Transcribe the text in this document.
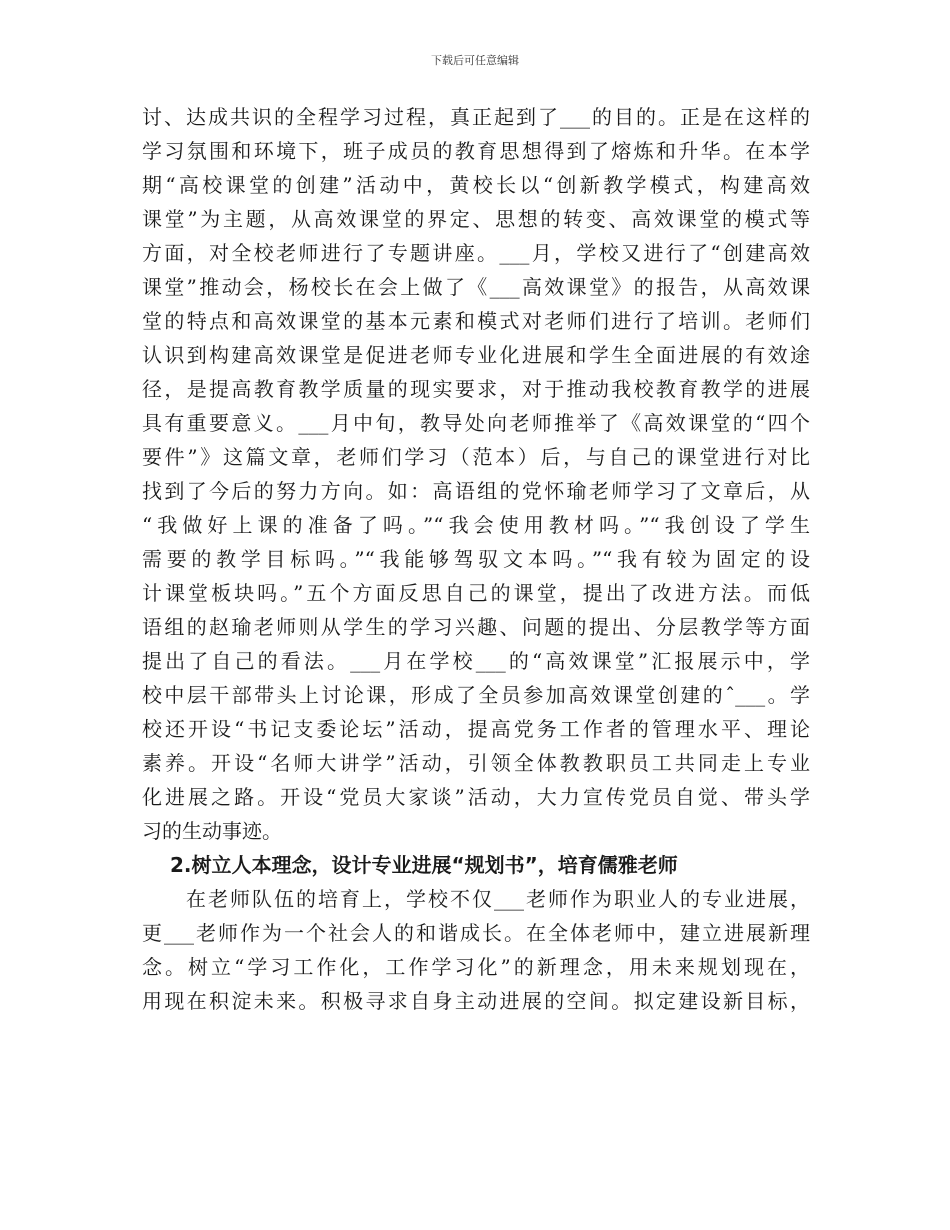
下载后可任意编辑
讨、达成共识的全程学习过程，真正起到了___的目的。正是在这样的
学习氛围和环境下，班子成员的教育思想得到了熔炼和升华。在本学
期“高校课堂的创建”活动中，黄校长以“创新教学模式，构建高效
课堂”为主题，从高效课堂的界定、思想的转变、高效课堂的模式等
方面，对全校老师进行了专题讲座。___月，学校又进行了“创建高效
课堂”推动会，杨校长在会上做了《___高效课堂》的报告，从高效课
堂的特点和高效课堂的基本元素和模式对老师们进行了培训。老师们
认识到构建高效课堂是促进老师专业化进展和学生全面进展的有效途
径，是提高教育教学质量的现实要求，对于推动我校教育教学的进展
具有重要意义。___月中旬，教导处向老师推举了《高效课堂的“四个
要件”》这篇文章，老师们学习（范本）后，与自己的课堂进行对比
找到了今后的努力方向。如：高语组的党怀瑜老师学习了文章后，从
“我做好上课的准备了吗。”“我会使用教材吗。”“我创设了学生
需要的教学目标吗。”“我能够驾驭文本吗。”“我有较为固定的设
计课堂板块吗。”五个方面反思自己的课堂，提出了改进方法。而低
语组的赵瑜老师则从学生的学习兴趣、问题的提出、分层教学等方面
提出了自己的看法。___月在学校___的“高效课堂”汇报展示中，学
校中层干部带头上讨论课，形成了全员参加高效课堂创建的ˆ___。学
校还开设“书记支委论坛”活动，提高党务工作者的管理水平、理论
素养。开设“名师大讲学”活动，引领全体教教职员工共同走上专业
化进展之路。开设“党员大家谈”活动，大力宣传党员自觉、带头学
习的生动事迹。
2.树立人本理念，设计专业进展“规划书”，培育儒雅老师
在老师队伍的培育上，学校不仅___老师作为职业人的专业进展，
更___老师作为一个社会人的和谐成长。在全体老师中，建立进展新理
念。树立“学习工作化，工作学习化”的新理念，用未来规划现在，
用现在积淀未来。积极寻求自身主动进展的空间。拟定建设新目标，
